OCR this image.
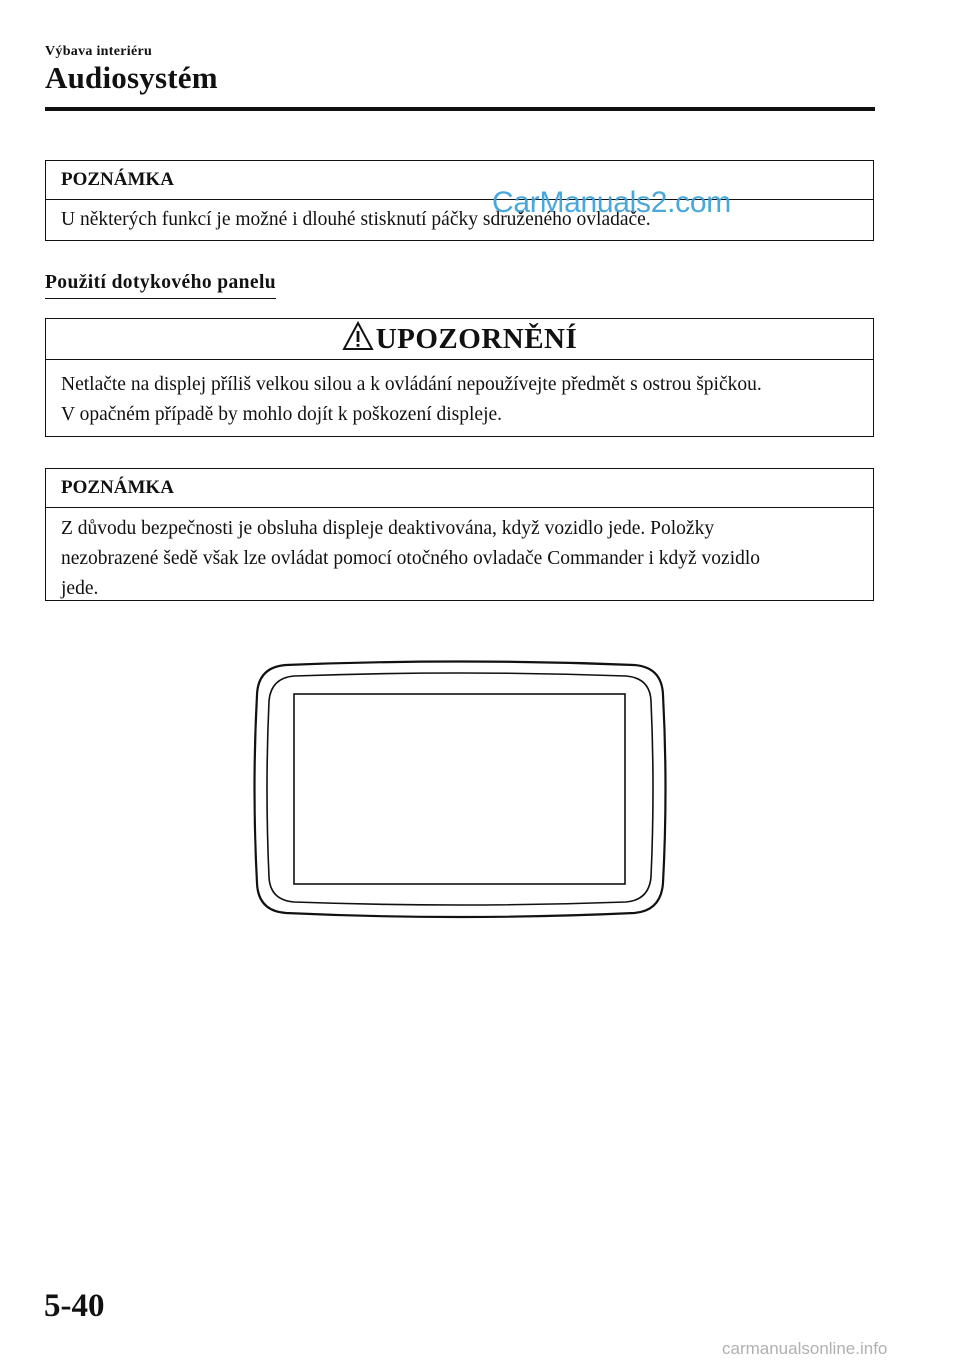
Výbava interiéru
Audiosystém
POZNÁMKA
U některých funkcí je možné i dlouhé stisknutí páčky sdruženého ovladače.
CarManuals2.com
Použití dotykového panelu
UPOZORNĚNÍ
Netlačte na displej příliš velkou silou a k ovládání nepoužívejte předmět s ostrou špičkou.
V opačném případě by mohlo dojít k poškození displeje.
POZNÁMKA
Z důvodu bezpečnosti je obsluha displeje deaktivována, když vozidlo jede. Položky
nezobrazené šedě však lze ovládat pomocí otočného ovladače Commander i když vozidlo
jede.
5-40
carmanualsonline.info
